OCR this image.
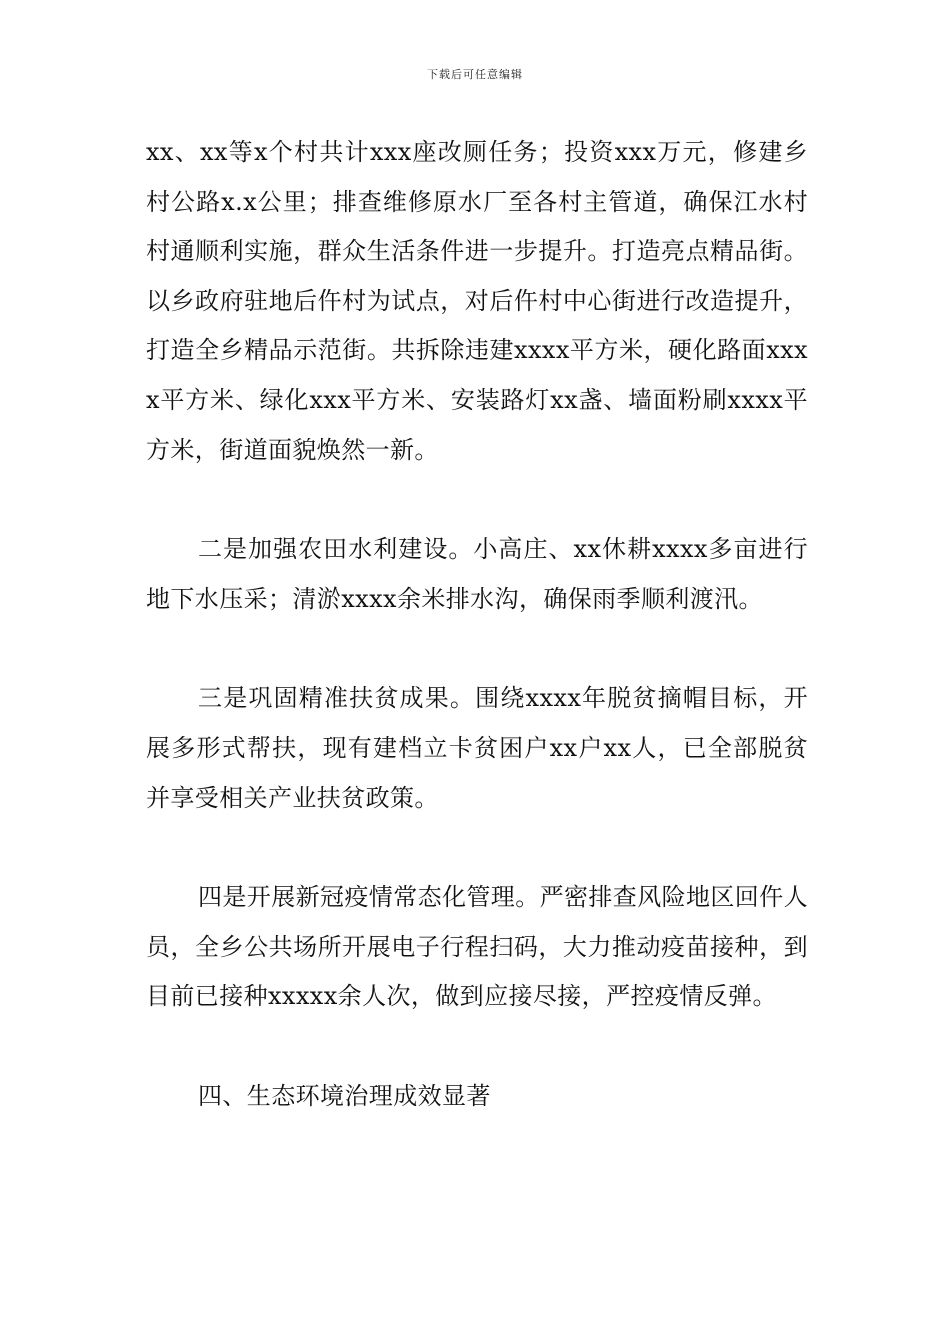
下载后可任意编辑

xx、xx等x个村共计xxx座改厕任务；投资xxx万元，修建乡村公路x.x公里；排查维修原水厂至各村主管道，确保江水村村通顺利实施，群众生活条件进一步提升。打造亮点精品街。以乡政府驻地后仵村为试点，对后仵村中心街进行改造提升，打造全乡精品示范街。共拆除违建xxxx平方米，硬化路面xxxx平方米、绿化xxx平方米、安装路灯xx盏、墙面粉刷xxxx平方米，街道面貌焕然一新。

二是加强农田水利建设。小高庄、xx休耕xxxx多亩进行地下水压采；清淤xxxx余米排水沟，确保雨季顺利渡汛。

三是巩固精准扶贫成果。围绕xxxx年脱贫摘帽目标，开展多形式帮扶，现有建档立卡贫困户xx户xx人，已全部脱贫并享受相关产业扶贫政策。

四是开展新冠疫情常态化管理。严密排查风险地区回仵人员，全乡公共场所开展电子行程扫码，大力推动疫苗接种，到目前已接种xxxxx余人次，做到应接尽接，严控疫情反弹。

四、生态环境治理成效显著
